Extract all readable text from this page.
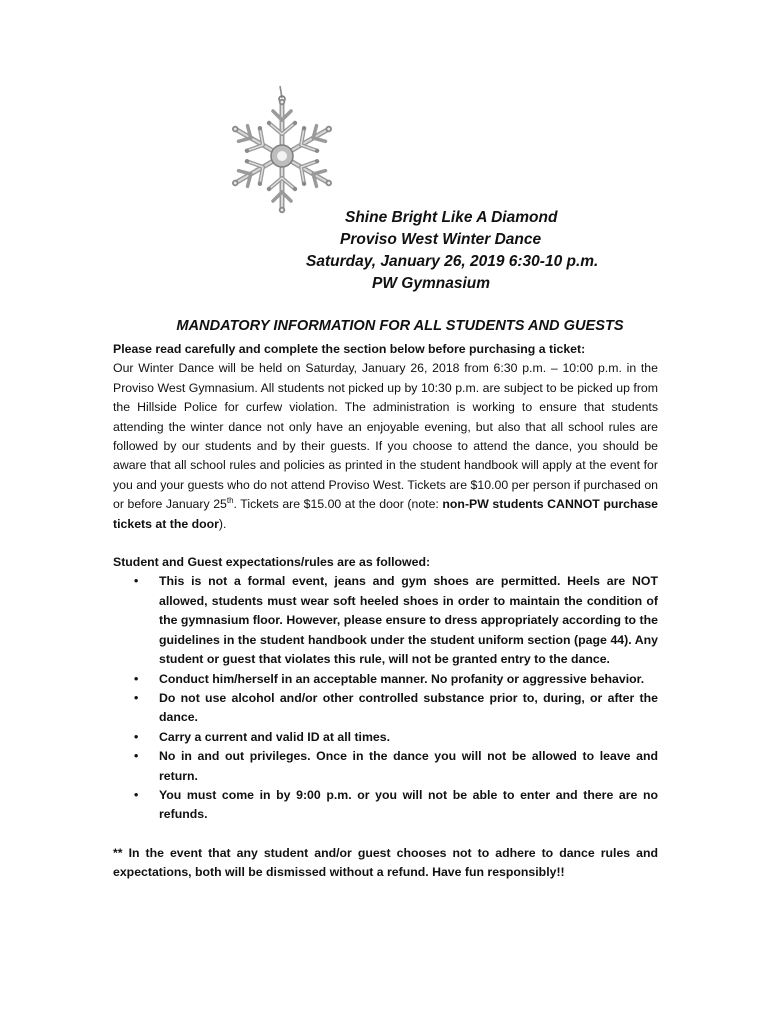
Shine Bright Like A Diamond
Proviso West Winter Dance
Saturday, January 26, 2019 6:30-10 p.m.
PW Gymnasium
MANDATORY INFORMATION FOR ALL STUDENTS AND GUESTS

Please read carefully and complete the section below before purchasing a ticket:

Our Winter Dance will be held on Saturday, January 26, 2018 from 6:30 p.m. – 10:00 p.m. in the Proviso West Gymnasium. All students not picked up by 10:30 p.m. are subject to be picked up from the Hillside Police for curfew violation. The administration is working to ensure that students attending the winter dance not only have an enjoyable evening, but also that all school rules are followed by our students and by their guests. If you choose to attend the dance, you should be aware that all school rules and policies as printed in the student handbook will apply at the event for you and your guests who do not attend Proviso West. Tickets are $10.00 per person if purchased on or before January 25th. Tickets are $15.00 at the door (note: non-PW students CANNOT purchase tickets at the door).

Student and Guest expectations/rules are as followed:

• This is not a formal event, jeans and gym shoes are permitted. Heels are NOT allowed, students must wear soft heeled shoes in order to maintain the condition of the gymnasium floor. However, please ensure to dress appropriately according to the guidelines in the student handbook under the student uniform section (page 44). Any student or guest that violates this rule, will not be granted entry to the dance.
• Conduct him/herself in an acceptable manner. No profanity or aggressive behavior.
• Do not use alcohol and/or other controlled substance prior to, during, or after the dance.
• Carry a current and valid ID at all times.
• No in and out privileges. Once in the dance you will not be allowed to leave and return.
• You must come in by 9:00 p.m. or you will not be able to enter and there are no refunds.

** In the event that any student and/or guest chooses not to adhere to dance rules and expectations, both will be dismissed without a refund. Have fun responsibly!!
